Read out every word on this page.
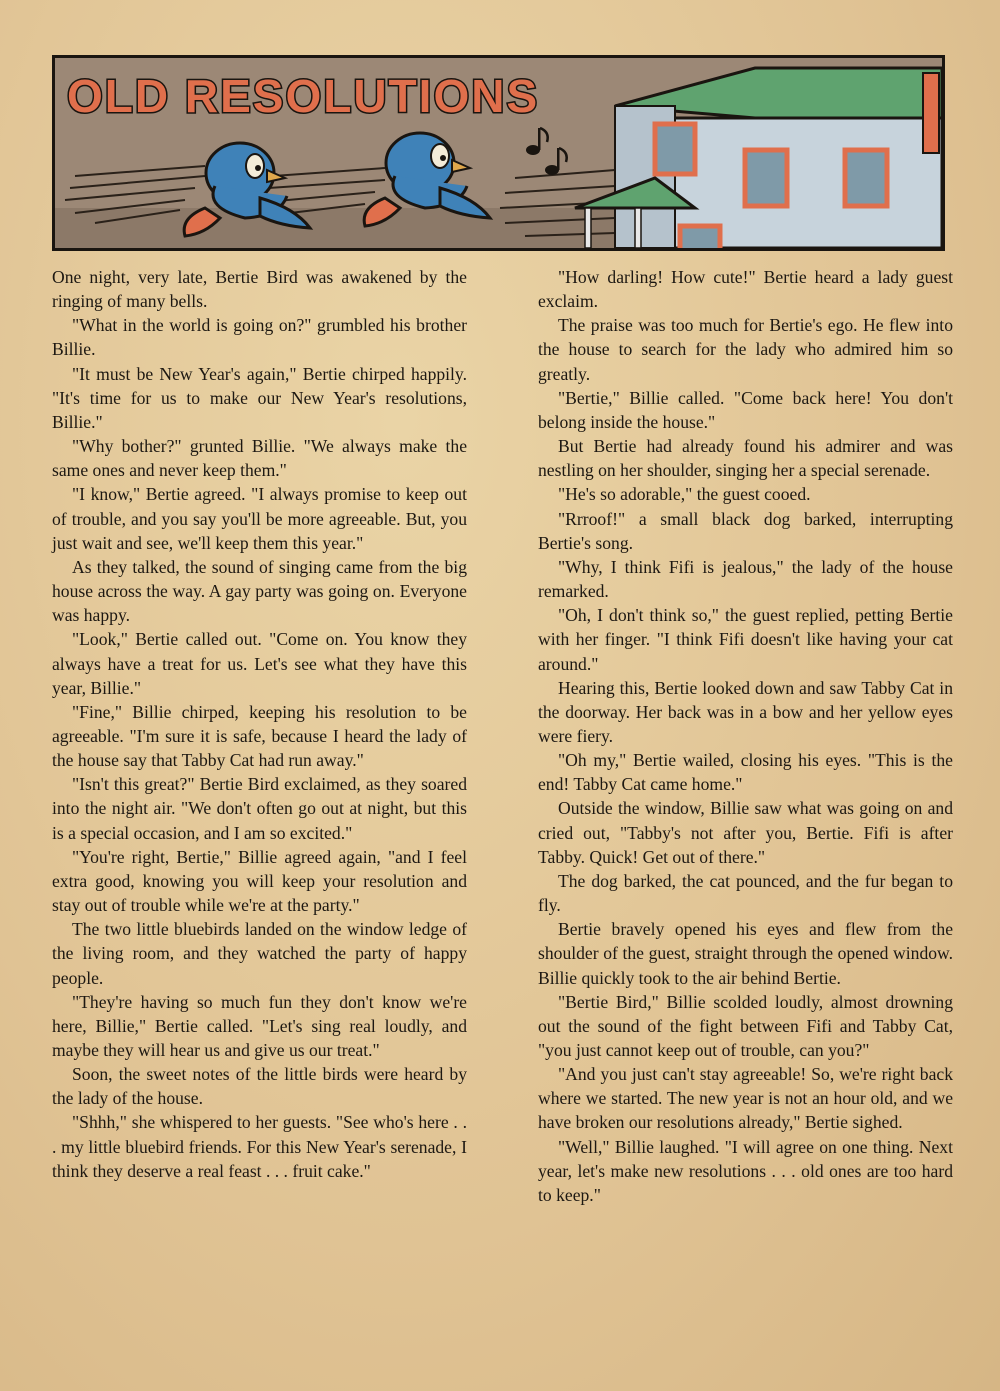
OLD RESOLUTIONS

One night, very late, Bertie Bird was awakened by the ringing of many bells.

"What in the world is going on?" grumbled his brother Billie.

"It must be New Year's again," Bertie chirped happily. "It's time for us to make our New Year's resolutions, Billie."

"Why bother?" grunted Billie. "We always make the same ones and never keep them."

"I know," Bertie agreed. "I always promise to keep out of trouble, and you say you'll be more agreeable. But, you just wait and see, we'll keep them this year."

As they talked, the sound of singing came from the big house across the way. A gay party was going on. Everyone was happy.

"Look," Bertie called out. "Come on. You know they always have a treat for us. Let's see what they have this year, Billie."

"Fine," Billie chirped, keeping his resolution to be agreeable. "I'm sure it is safe, because I heard the lady of the house say that Tabby Cat had run away."

"Isn't this great?" Bertie Bird exclaimed, as they soared into the night air. "We don't often go out at night, but this is a special occasion, and I am so excited."

"You're right, Bertie," Billie agreed again, "and I feel extra good, knowing you will keep your resolution and stay out of trouble while we're at the party."

The two little bluebirds landed on the window ledge of the living room, and they watched the party of happy people.

"They're having so much fun they don't know we're here, Billie," Bertie called. "Let's sing real loudly, and maybe they will hear us and give us our treat."

Soon, the sweet notes of the little birds were heard by the lady of the house.

"Shhh," she whispered to her guests. "See who's here . . . my little bluebird friends. For this New Year's serenade, I think they deserve a real feast . . . fruit cake."

"How darling! How cute!" Bertie heard a lady guest exclaim.

The praise was too much for Bertie's ego. He flew into the house to search for the lady who admired him so greatly.

"Bertie," Billie called. "Come back here! You don't belong inside the house."

But Bertie had already found his admirer and was nestling on her shoulder, singing her a special serenade.

"He's so adorable," the guest cooed.

"Rrroof!" a small black dog barked, interrupting Bertie's song.

"Why, I think Fifi is jealous," the lady of the house remarked.

"Oh, I don't think so," the guest replied, petting Bertie with her finger. "I think Fifi doesn't like having your cat around."

Hearing this, Bertie looked down and saw Tabby Cat in the doorway. Her back was in a bow and her yellow eyes were fiery.

"Oh my," Bertie wailed, closing his eyes. "This is the end! Tabby Cat came home."

Outside the window, Billie saw what was going on and cried out, "Tabby's not after you, Bertie. Fifi is after Tabby. Quick! Get out of there."

The dog barked, the cat pounced, and the fur began to fly.

Bertie bravely opened his eyes and flew from the shoulder of the guest, straight through the opened window. Billie quickly took to the air behind Bertie.

"Bertie Bird," Billie scolded loudly, almost drowning out the sound of the fight between Fifi and Tabby Cat, "you just cannot keep out of trouble, can you?"

"And you just can't stay agreeable! So, we're right back where we started. The new year is not an hour old, and we have broken our resolutions already," Bertie sighed.

"Well," Billie laughed. "I will agree on one thing. Next year, let's make new resolutions . . . old ones are too hard to keep."
